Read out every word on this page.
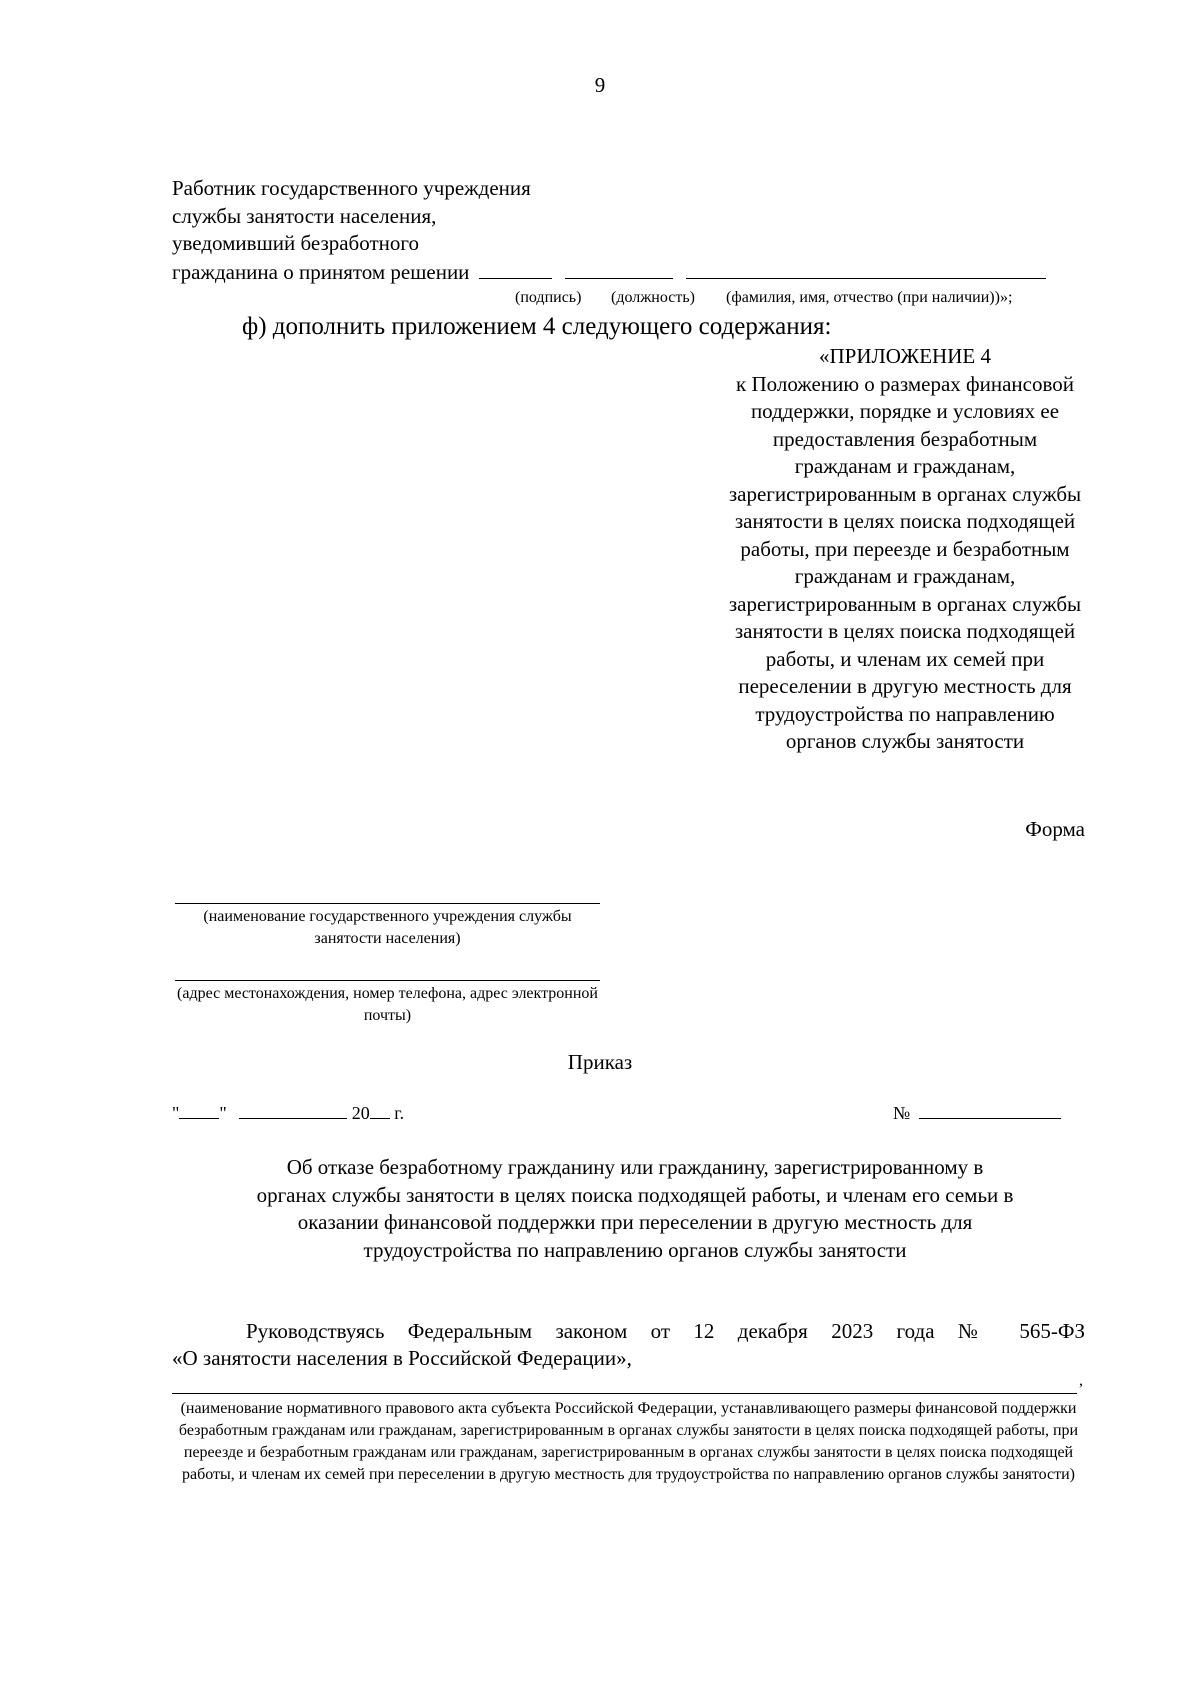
9
Работник государственного учреждения
службы занятости населения,
уведомивший безработного
гражданина о принятом решении
(подпись) (должность) (фамилия, имя, отчество (при наличии))»;
ф) дополнить приложением 4 следующего содержания:
«ПРИЛОЖЕНИЕ 4
к Положению о размерах финансовой поддержки, порядке и условиях ее предоставления безработным гражданам и гражданам, зарегистрированным в органах службы занятости в целях поиска подходящей работы, при переезде и безработным гражданам и гражданам, зарегистрированным в органах службы занятости в целях поиска подходящей работы, и членам их семей при переселении в другую местность для трудоустройства по направлению органов службы занятости
Форма
(наименование государственного учреждения службы занятости населения)
(адрес местонахождения, номер телефона, адрес электронной почты)
Приказ
" "	20 г.	№
Об отказе безработному гражданину или гражданину, зарегистрированному в органах службы занятости в целях поиска подходящей работы, и членам его семьи в оказании финансовой поддержки при переселении в другую местность для трудоустройства по направлению органов службы занятости
Руководствуясь Федеральным законом от 12 декабря 2023 года № 565-ФЗ
«О занятости населения в Российской Федерации»,
,
(наименование нормативного правового акта субъекта Российской Федерации, устанавливающего размеры финансовой поддержки безработным гражданам или гражданам, зарегистрированным в органах службы занятости в целях поиска подходящей работы, при переезде и безработным гражданам или гражданам, зарегистрированным в органах службы занятости в целях поиска подходящей работы, и членам их семей при переселении в другую местность для трудоустройства по направлению органов службы занятости)
